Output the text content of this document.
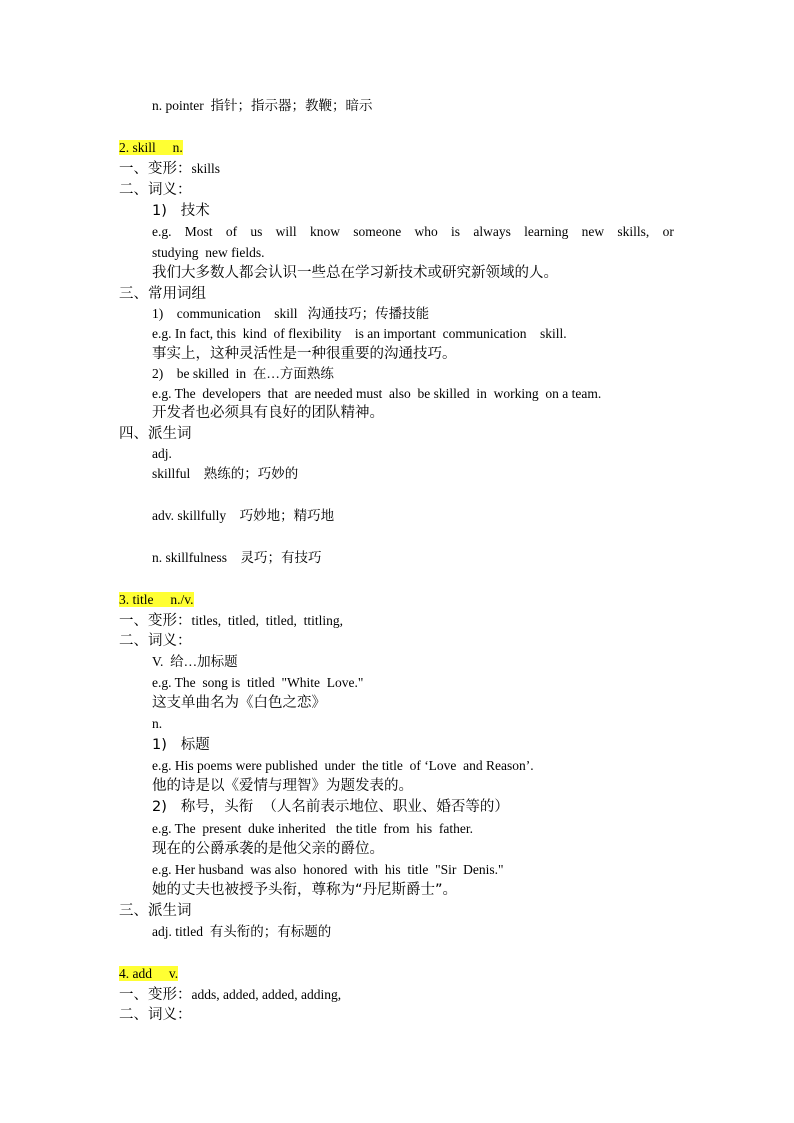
n. pointer  指针；指示器；教鞭；暗示
2. skill     n.
一、变形：skills
二、词义：
1)   技术
e.g. Most of us will know someone who is always learning new skills, or
studying  new fields.
我们大多数人都会认识一些总在学习新技术或研究新领域的人。
三、常用词组
1)    communication    skill   沟通技巧；传播技能
e.g. In fact, this  kind  of flexibility    is an important  communication    skill.
事实上，这种灵活性是一种很重要的沟通技巧。
2)    be skilled  in  在…方面熟练
e.g. The  developers  that  are needed must  also  be skilled  in  working  on a team.
开发者也必须具有良好的团队精神。
四、派生词
adj.
skillful    熟练的；巧妙的
adv. skillfully    巧妙地；精巧地
n. skillfulness    灵巧；有技巧
3. title     n./v.
一、变形：titles,  titled,  titled,  ttitling,
二、词义：
V.  给…加标题
e.g. The  song is  titled  "White  Love."
这支单曲名为《白色之恋》
n.
1)   标题
e.g. His poems were published  under  the title  of ‘Love  and Reason’.
他的诗是以《爱情与理智》为题发表的。
2)   称号，头衔  （人名前表示地位、职业、婚否等的）
e.g. The  present  duke inherited   the title  from  his  father.
现在的公爵承袭的是他父亲的爵位。
e.g. Her husband  was also  honored  with  his  title  "Sir  Denis."
她的丈夫也被授予头衔，尊称为“丹尼斯爵士”。
三、派生词
adj. titled  有头衔的；有标题的
4. add     v.
一、变形：adds, added, added, adding,
二、词义：
